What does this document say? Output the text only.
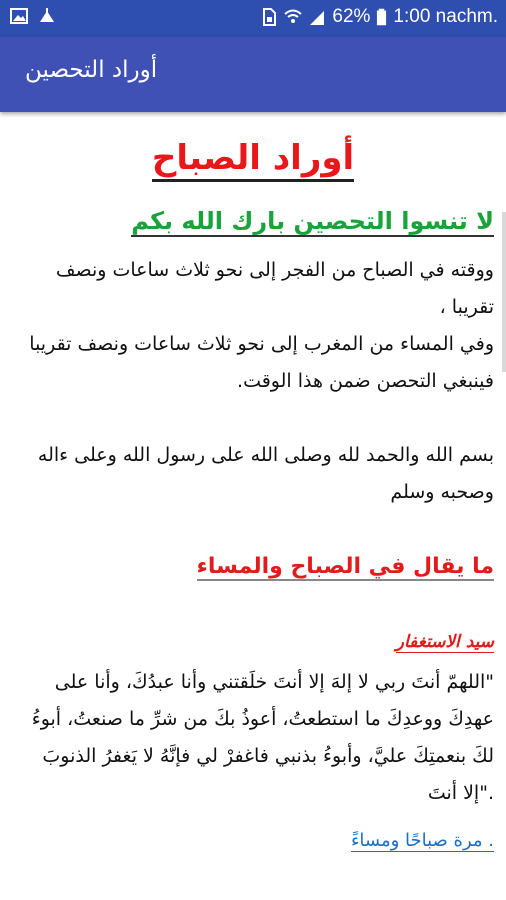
62% 1:00 nachm.
أوراد التحصين
أوراد الصباح
لا تنسوا التحصين بارك الله بكم
ووقته في الصباح من الفجر إلى نحو ثلاث ساعات ونصف
تقريبا ،
وفي المساء من المغرب إلى نحو ثلاث ساعات ونصف تقريبا
فينبغي التحصن ضمن هذا الوقت.
بسم الله والحمد لله وصلى الله على رسول الله وعلى ءاله
وصحبه وسلم
ما يقال في الصباح والمساء
سيد الاستغفار
"اللهمّ أنتَ ربي لا إلهَ إلا أنتَ خلَقتني وأنا عبدُكَ، وأنا على
عهدِكَ ووعدِكَ ما استطعتُ، أعوذُ بكَ من شرِّ ما صنعتُ، أبوءُ
لكَ بنعمتِكَ عليَّ، وأبوءُ بذنبي فاغفرْ لي فإنَّهُ لا يَغفرُ الذنوبَ
."إلا أنتَ
. مرة صباحًا ومساءً
